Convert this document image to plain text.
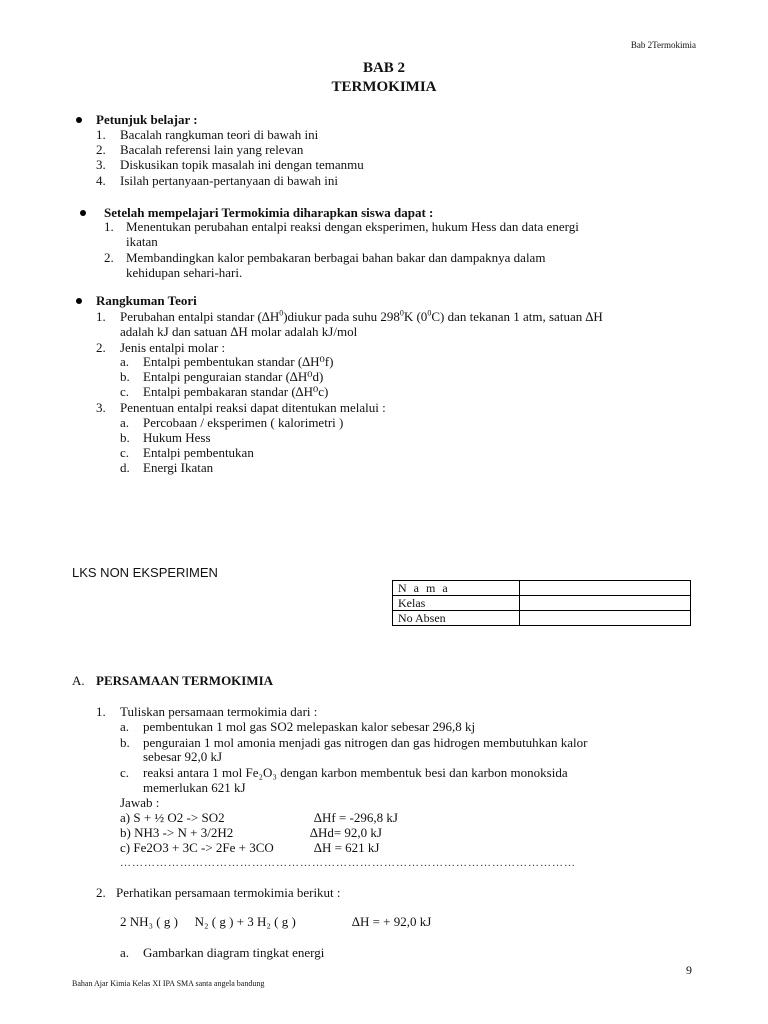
Bab 2Termokimia
BAB 2
TERMOKIMIA
Petunjuk belajar :
1. Bacalah rangkuman teori di bawah ini
2. Bacalah referensi lain yang relevan
3. Diskusikan topik masalah ini dengan temanmu
4. Isilah pertanyaan-pertanyaan di bawah ini
Setelah mempelajari Termokimia diharapkan siswa dapat :
1. Menentukan perubahan entalpi reaksi dengan eksperimen, hukum Hess dan data energi
ikatan
2. Membandingkan kalor pembakaran berbagai bahan bakar dan dampaknya dalam
kehidupan sehari-hari.
Rangkuman Teori
1. Perubahan entalpi standar $(\Delta H^0)diukur$ pada suhu $298^0K$ $(0^0C)$ dan tekanan 1 atm, satuan ∆H
adalah kJ dan satuan ∆H molar adalah kJ/mol
2. Jenis entalpi molar :
a. Entalpi pembentukan standar (∆H⁰f)
b. Entalpi penguraian standar (∆H⁰d)
c. Entalpi pembakaran standar (∆H⁰c)
3. Penentuan entalpi reaksi dapat ditentukan melalui :
a. Percobaan / eksperimen ( kalorimetri )
b. Hukum Hess
c. Entalpi pembentukan
d. Energi Ikatan
LKS NON EKSPERIMEN
N a m a	
Kelas	
No Absen	
A. PERSAMAAN TERMOKIMIA
1. Tuliskan persamaan termokimia dari :
a. pembentukan 1 mol gas SO2 melepaskan kalor sebesar 296,8 kj
b. penguraian 1 mol amonia menjadi gas nitrogen dan gas hidrogen membutuhkan kalor
sebesar 92,0 kJ
c. reaksi antara 1 mol Fe₂O₃ dengan karbon membentuk besi dan karbon monoksida
memerlukan 621 kJ
Jawab :
a) S + ½ O2 -> SO2	∆Hf = -296,8 kJ
b) NH3 -> N + 3/2H2	∆Hd= 92,0 kJ
c) Fe2O3 + 3C -> 2Fe + 3CO	∆H = 621 kJ
……………………………………………………………………………………………………
2. Perhatikan persamaan termokimia berikut :
2 NH₃ ( g ) ⃞ N₂ ( g ) + 3 H₂ ( g )	∆H = + 92,0 kJ
a. Gambarkan diagram tingkat energi
9
Bahan Ajar Kimia Kelas XI IPA SMA santa angela bandung
